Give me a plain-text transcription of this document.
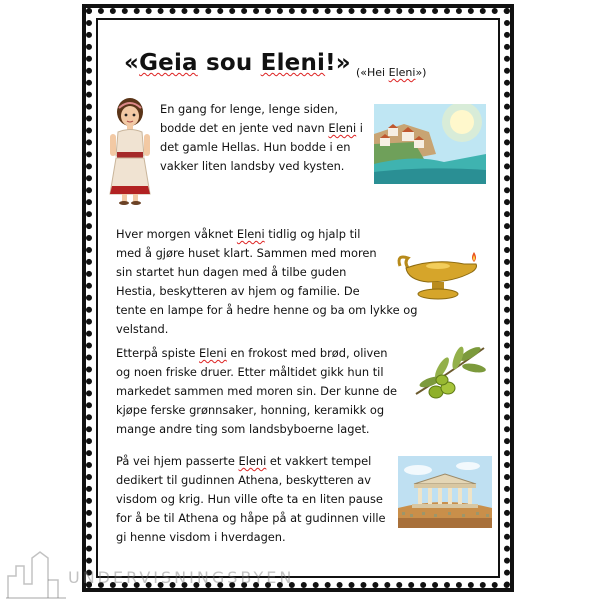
«Geia sou Eleni!» («Hei Eleni»)
En gang for lenge, lenge siden,
bodde det en jente ved navn Eleni i
det gamle Hellas. Hun bodde i en
vakker liten landsby ved kysten.
Hver morgen våknet Eleni tidlig og hjalp til
med å gjøre huset klart. Sammen med moren
sin startet hun dagen med å tilbe guden
Hestia, beskytteren av hjem og familie. De
tente en lampe for å hedre henne og ba om lykke og
velstand.
Etterpå spiste Eleni en frokost med brød, oliven
og noen friske druer. Etter måltidet gikk hun til
markedet sammen med moren sin. Der kunne de
kjøpe ferske grønnsaker, honning, keramikk og
mange andre ting som landsbyboerne laget.
På vei hjem passerte Eleni et vakkert tempel
dedikert til gudinnen Athena, beskytteren av
visdom og krig. Hun ville ofte ta en liten pause
for å be til Athena og håpe på at gudinnen ville
gi henne visdom i hverdagen.
UNDERVISNINGSBYEN
